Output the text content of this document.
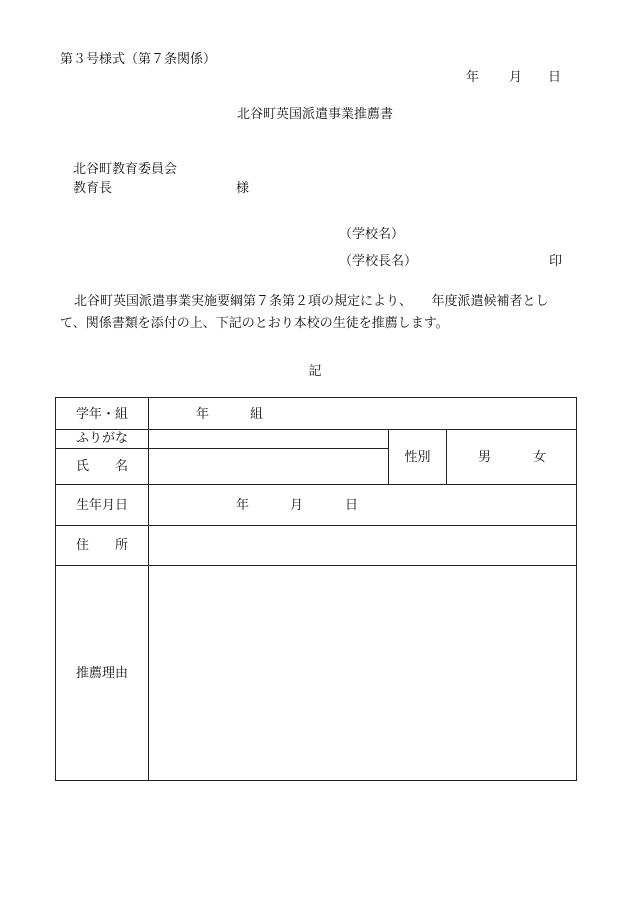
第３号様式（第７条関係）
年 月 日
北谷町英国派遣事業推薦書
北谷町教育委員会
教育長	様
（学校名）
（学校長名）	印

北谷町英国派遣事業実施要綱第７条第２項の規定により、　　年度派遣候補者とし

て、関係書類を添付の上、下記のとおり本校の生徒を推薦します。

記
学年・組	年	組
ふりがな
氏　　名
性別	男	女
生年月日	年	月	日
住　　所
推薦理由
